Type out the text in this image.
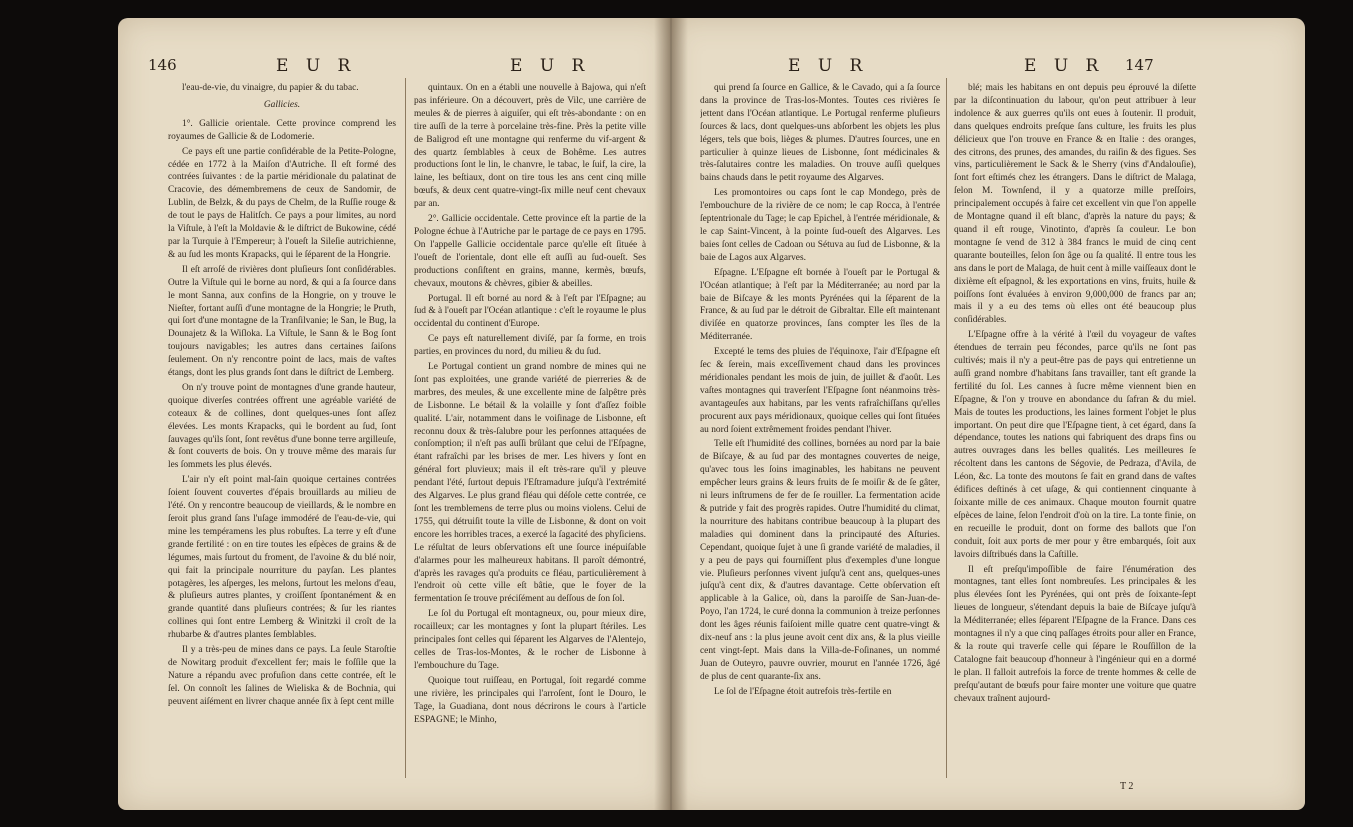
146	E U R	E U R

l'eau-de-vie, du vinaigre, du papier & du tabac.

Gallicies.

1°. Gallicie orientale. Cette province comprend les royaumes de Gallicie & de Lodomerie.

Ce pays eſt une partie conſidérable de la Petite-Pologne, cédée en 1772 à la Maiſon d'Autriche. Il eſt formé des contrées ſuivantes : de la partie méridionale du palatinat de Cracovie, des démembremens de ceux de Sandomir, de Lublin, de Belzk, & du pays de Chelm, de la Ruſſie rouge & de tout le pays de Halitſch. Ce pays a pour limites, au nord la Viſtule, à l'eſt la Moldavie & le diſtrict de Bukowine, cédé par la Turquie à l'Empereur; à l'oueſt la Sileſie autrichienne, & au ſud les monts Krapacks, qui le ſéparent de la Hongrie.

Il eſt arroſé de rivières dont pluſieurs ſont conſidérables. Outre la Viſtule qui le borne au nord, & qui a ſa ſource dans le mont Sanna, aux confins de la Hongrie, on y trouve le Nieſter, fortant auſſi d'une montagne de la Hongrie; le Pruth, qui ſort d'une montagne de la Tranſilvanie; le San, le Bug, la Dounajetz & la Wiſloka. La Viſtule, le Sann & le Bog ſont toujours navigables; les autres dans certaines ſaiſons ſeulement. On n'y rencontre point de lacs, mais de vaſtes étangs, dont les plus grands ſont dans le diſtrict de Lemberg.

On n'y trouve point de montagnes d'une grande hauteur, quoique diverſes contrées offrent une agréable variété de coteaux & de collines, dont quelques-unes ſont aſſez élevées. Les monts Krapacks, qui le bordent au ſud, ſont ſauvages qu'ils ſont, ſont revêtus d'une bonne terre argilleuſe, & ſont couverts de bois. On y trouve même des marais ſur les ſommets les plus élevés.

L'air n'y eſt point mal-ſain quoique certaines contrées ſoient ſouvent couvertes d'épais brouillards au milieu de l'été. On y rencontre beaucoup de vieillards, & le nombre en ſeroit plus grand ſans l'uſage immodéré de l'eau-de-vie, qui mine les tempéramens les plus robuſtes. La terre y eſt d'une grande fertilité : on en tire toutes les eſpèces de grains & de légumes, mais ſurtout du froment, de l'avoine & du blé noir, qui fait la principale nourriture du payſan. Les plantes potagères, les aſperges, les melons, ſurtout les melons d'eau, & pluſieurs autres plantes, y croiſſent ſpontanément & en grande quantité dans pluſieurs contrées; & ſur les riantes collines qui ſont entre Lemberg & Winitzki il croît de la rhubarbe & d'autres plantes ſemblables.

Il y a très-peu de mines dans ce pays. La ſeule Staroſtie de Nowitarg produit d'excellent fer; mais le foſſile que la Nature a répandu avec profuſion dans cette contrée, eſt le ſel. On connoît les ſalines de Wieliska & de Bochnia, qui peuvent aiſément en livrer chaque année ſix à ſept cent mille

quintaux. On en a établi une nouvelle à Bajowa, qui n'eſt pas inférieure. On a découvert, près de Vilc, une carrière de meules & de pierres à aiguiſer, qui eſt très-abondante : on en tire auſſi de la terre à porcelaine très-fine. Près la petite ville de Baligrod eſt une montagne qui renferme du vif-argent & des quartz ſemblables à ceux de Bohême. Les autres productions ſont le lin, le chanvre, le tabac, le ſuif, la cire, la laine, les beſtiaux, dont on tire tous les ans cent cinq mille bœufs, & deux cent quatre-vingt-ſix mille neuf cent chevaux par an.

2°. Gallicie occidentale. Cette province eſt la partie de la Pologne échue à l'Autriche par le partage de ce pays en 1795. On l'appelle Gallicie occidentale parce qu'elle eſt ſituée à l'oueſt de l'orientale, dont elle eſt auſſi au ſud-oueſt. Ses productions conſiſtent en grains, manne, kermès, bœufs, chevaux, moutons & chèvres, gibier & abeilles.

Portugal. Il eſt borné au nord & à l'eſt par l'Eſpagne; au ſud & à l'oueſt par l'Océan atlantique : c'eſt le royaume le plus occidental du continent d'Europe.

Ce pays eſt naturellement diviſé, par ſa forme, en trois parties, en provinces du nord, du milieu & du ſud.

Le Portugal contient un grand nombre de mines qui ne ſont pas exploitées, une grande variété de pierreries & de marbres, des meules, & une excellente mine de ſalpêtre près de Lisbonne. Le bétail & la volaille y ſont d'aſſez foible qualité. L'air, notamment dans le voiſinage de Lisbonne, eſt reconnu doux & très-ſalubre pour les perſonnes attaquées de conſomption; il n'eſt pas auſſi brûlant que celui de l'Eſpagne, étant rafraîchi par les brises de mer. Les hivers y ſont en général fort pluvieux; mais il eſt très-rare qu'il y pleuve pendant l'été, ſurtout depuis l'Eſtramadure juſqu'à l'extrémité des Algarves. Le plus grand fléau qui déſole cette contrée, ce ſont les tremblemens de terre plus ou moins violens. Celui de 1755, qui détruiſit toute la ville de Lisbonne, & dont on voit encore les horribles traces, a exercé la ſagacité des phyſiciens. Le réſultat de leurs obſervations eſt une ſource inépuiſable d'alarmes pour les malheureux habitans. Il paroît démontré, d'après les ravages qu'a produits ce fléau, particulièrement à l'endroit où cette ville eſt bâtie, que le foyer de la fermentation ſe trouve préciſément au deſſous de ſon ſol.

Le ſol du Portugal eſt montagneux, ou, pour mieux dire, rocailleux; car les montagnes y ſont la plupart ſtériles. Les principales ſont celles qui ſéparent les Algarves de l'Alentejo, celles de Tras-los-Montes, & le rocher de Lisbonne à l'embouchure du Tage.

Quoique tout ruiſſeau, en Portugal, ſoit regardé comme une rivière, les principales qui l'arroſent, ſont le Douro, le Tage, la Guadiana, dont nous décrirons le cours à l'article ESPAGNE; le Minho,

E U R	E U R 147

qui prend ſa ſource en Gallice, & le Cavado, qui a ſa ſource dans la province de Tras-los-Montes. Toutes ces rivières ſe jettent dans l'Océan atlantique. Le Portugal renferme pluſieurs ſources & lacs, dont quelques-uns abſorbent les objets les plus légers, tels que bois, lièges & plumes. D'autres ſources, une en particulier à quinze lieues de Lisbonne, ſont médicinales & très-ſalutaires contre les maladies. On trouve auſſi quelques bains chauds dans le petit royaume des Algarves.

Les promontoires ou caps ſont le cap Mondego, près de l'embouchure de la rivière de ce nom; le cap Rocca, à l'entrée ſeptentrionale du Tage; le cap Epichel, à l'entrée méridionale, & le cap Saint-Vincent, à la pointe ſud-oueſt des Algarves. Les baies ſont celles de Cadoan ou Sétuva au ſud de Lisbonne, & la baie de Lagos aux Algarves.

Eſpagne. L'Eſpagne eſt bornée à l'oueſt par le Portugal & l'Océan atlantique; à l'eſt par la Méditerranée; au nord par la baie de Biſcaye & les monts Pyrénées qui la ſéparent de la France, & au ſud par le détroit de Gibraltar. Elle eſt maintenant diviſée en quatorze provinces, ſans compter les îles de la Méditerranée.

Excepté le tems des pluies de l'équinoxe, l'air d'Eſpagne eſt ſec & ſerein, mais exceſſivement chaud dans les provinces méridionales pendant les mois de juin, de juillet & d'août. Les vaſtes montagnes qui traverſent l'Eſpagne ſont néanmoins très-avantageuſes aux habitans, par les vents rafraîchiſſans qu'elles procurent aux pays méridionaux, quoique celles qui ſont ſituées au nord ſoient extrêmement froides pendant l'hiver.

Telle eſt l'humidité des collines, bornées au nord par la baie de Biſcaye, & au ſud par des montagnes couvertes de neige, qu'avec tous les ſoins imaginables, les habitans ne peuvent empêcher leurs grains & leurs fruits de ſe moiſir & de ſe gâter, ni leurs inſtrumens de fer de ſe rouiller. La fermentation acide & putride y fait des progrès rapides. Outre l'humidité du climat, la nourriture des habitans contribue beaucoup à la plupart des maladies qui dominent dans la principauté des Aſturies. Cependant, quoique ſujet à une ſi grande variété de maladies, il y a peu de pays qui fourniſſent plus d'exemples d'une longue vie. Pluſieurs perſonnes vivent juſqu'à cent ans, quelques-unes juſqu'à cent dix, & d'autres davantage. Cette obſervation eſt applicable à la Galice, où, dans la paroiſſe de San-Juan-de-Poyo, l'an 1724, le curé donna la communion à treize perſonnes dont les âges réunis faiſoient mille quatre cent quatre-vingt & dix-neuf ans : la plus jeune avoit cent dix ans, & la plus vieille cent vingt-ſept. Mais dans la Villa-de-Foſinanes, un nommé Juan de Outeyro, pauvre ouvrier, mourut en l'année 1726, âgé de plus de cent quarante-ſix ans.

Le ſol de l'Eſpagne étoit autrefois très-fertile en

blé; mais les habitans en ont depuis peu éprouvé la diſette par la diſcontinuation du labour, qu'on peut attribuer à leur indolence & aux guerres qu'ils ont eues à ſoutenir. Il produit, dans quelques endroits preſque ſans culture, les fruits les plus délicieux que l'on trouve en France & en Italie : des oranges, des citrons, des prunes, des amandes, du raiſin & des figues. Ses vins, particulièrement le Sack & le Sherry (vins d'Andalouſie), ſont fort eſtimés chez les étrangers. Dans le diſtrict de Malaga, ſelon M. Townſend, il y a quatorze mille preſſoirs, principalement occupés à faire cet excellent vin que l'on appelle de Montagne quand il eſt blanc, d'après la nature du pays; & quand il eſt rouge, Vinotinto, d'après ſa couleur. Le bon montagne ſe vend de 312 à 384 francs le muid de cinq cent quarante bouteilles, ſelon ſon âge ou ſa qualité. Il entre tous les ans dans le port de Malaga, de huit cent à mille vaiſſeaux dont le dixième eſt eſpagnol, & les exportations en vins, fruits, huile & poiſſons ſont évaluées à environ 9,000,000 de francs par an; mais il y a eu des tems où elles ont été beaucoup plus conſidérables.

L'Eſpagne offre à la vérité à l'œil du voyageur de vaſtes étendues de terrain peu fécondes, parce qu'ils ne ſont pas cultivés; mais il n'y a peut-être pas de pays qui entretienne un auſſi grand nombre d'habitans ſans travailler, tant eſt grande la fertilité du ſol. Les cannes à ſucre même viennent bien en Eſpagne, & l'on y trouve en abondance du ſafran & du miel. Mais de toutes les productions, les laines forment l'objet le plus important. On peut dire que l'Eſpagne tient, à cet égard, dans ſa dépendance, toutes les nations qui fabriquent des draps fins ou autres ouvrages dans les belles qualités. Les meilleures ſe récoltent dans les cantons de Ségovie, de Pedraza, d'Avila, de Léon, &c. La tonte des moutons ſe fait en grand dans de vaſtes édifices deſtinés à cet uſage, & qui contiennent cinquante à ſoixante mille de ces animaux. Chaque mouton fournit quatre eſpèces de laine, ſelon l'endroit d'où on la tire. La tonte finie, on en recueille le produit, dont on forme des ballots que l'on conduit, ſoit aux ports de mer pour y être embarqués, ſoit aux lavoirs diſtribués dans la Caſtille.

Il eſt preſqu'impoſſible de faire l'énumération des montagnes, tant elles ſont nombreuſes. Les principales & les plus élevées ſont les Pyrénées, qui ont près de ſoixante-ſept lieues de longueur, s'étendant depuis la baie de Biſcaye juſqu'à la Méditerranée; elles ſéparent l'Eſpagne de la France. Dans ces montagnes il n'y a que cinq paſſages étroits pour aller en France, & la route qui traverſe celle qui ſépare le Rouſſillon de la Catalogne fait beaucoup d'honneur à l'ingénieur qui en a dormé le plan. Il falloit autrefois la force de trente hommes & celle de preſqu'autant de bœufs pour faire monter une voiture que quatre chevaux traînent aujourd-

T 2
